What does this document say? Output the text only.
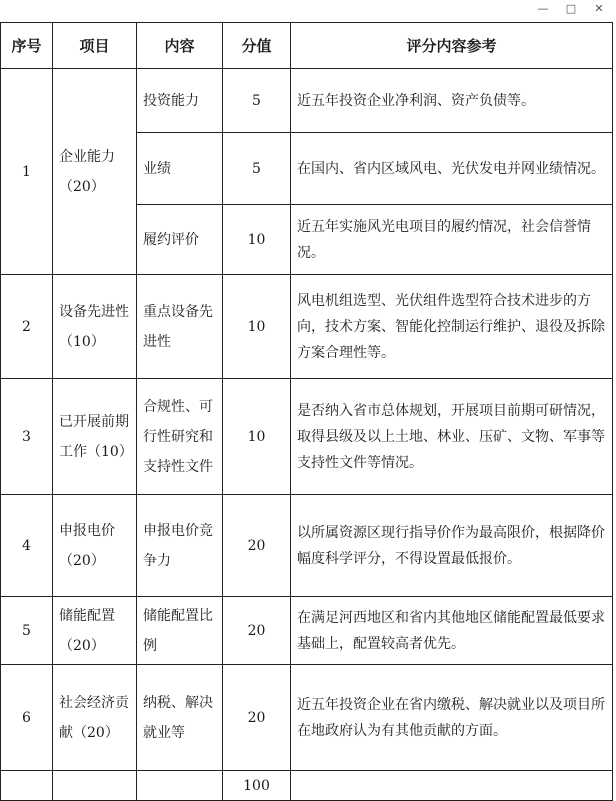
— □ ✕
序号	项目	内容	分值	评分内容参考
1	企业能力（20）	投资能力	5	近五年投资企业净利润、资产负债等。
		业绩	5	在国内、省内区域风电、光伏发电并网业绩情况。
		履约评价	10	近五年实施风光电项目的履约情况，社会信誉情况。
2	设备先进性（10）	重点设备先进性	10	风电机组选型、光伏组件选型符合技术进步的方向，技术方案、智能化控制运行维护、退役及拆除方案合理性等。
3	已开展前期工作（10）	合规性、可行性研究和支持性文件	10	是否纳入省市总体规划，开展项目前期可研情况，取得县级及以上土地、林业、压矿、文物、军事等支持性文件等情况。
4	申报电价（20）	申报电价竞争力	20	以所属资源区现行指导价作为最高限价，根据降价幅度科学评分，不得设置最低报价。
5	储能配置（20）	储能配置比例	20	在满足河西地区和省内其他地区储能配置最低要求基础上，配置较高者优先。
6	社会经济贡献（20）	纳税、解决就业等	20	近五年投资企业在省内缴税、解决就业以及项目所在地政府认为有其他贡献的方面。
			100	
